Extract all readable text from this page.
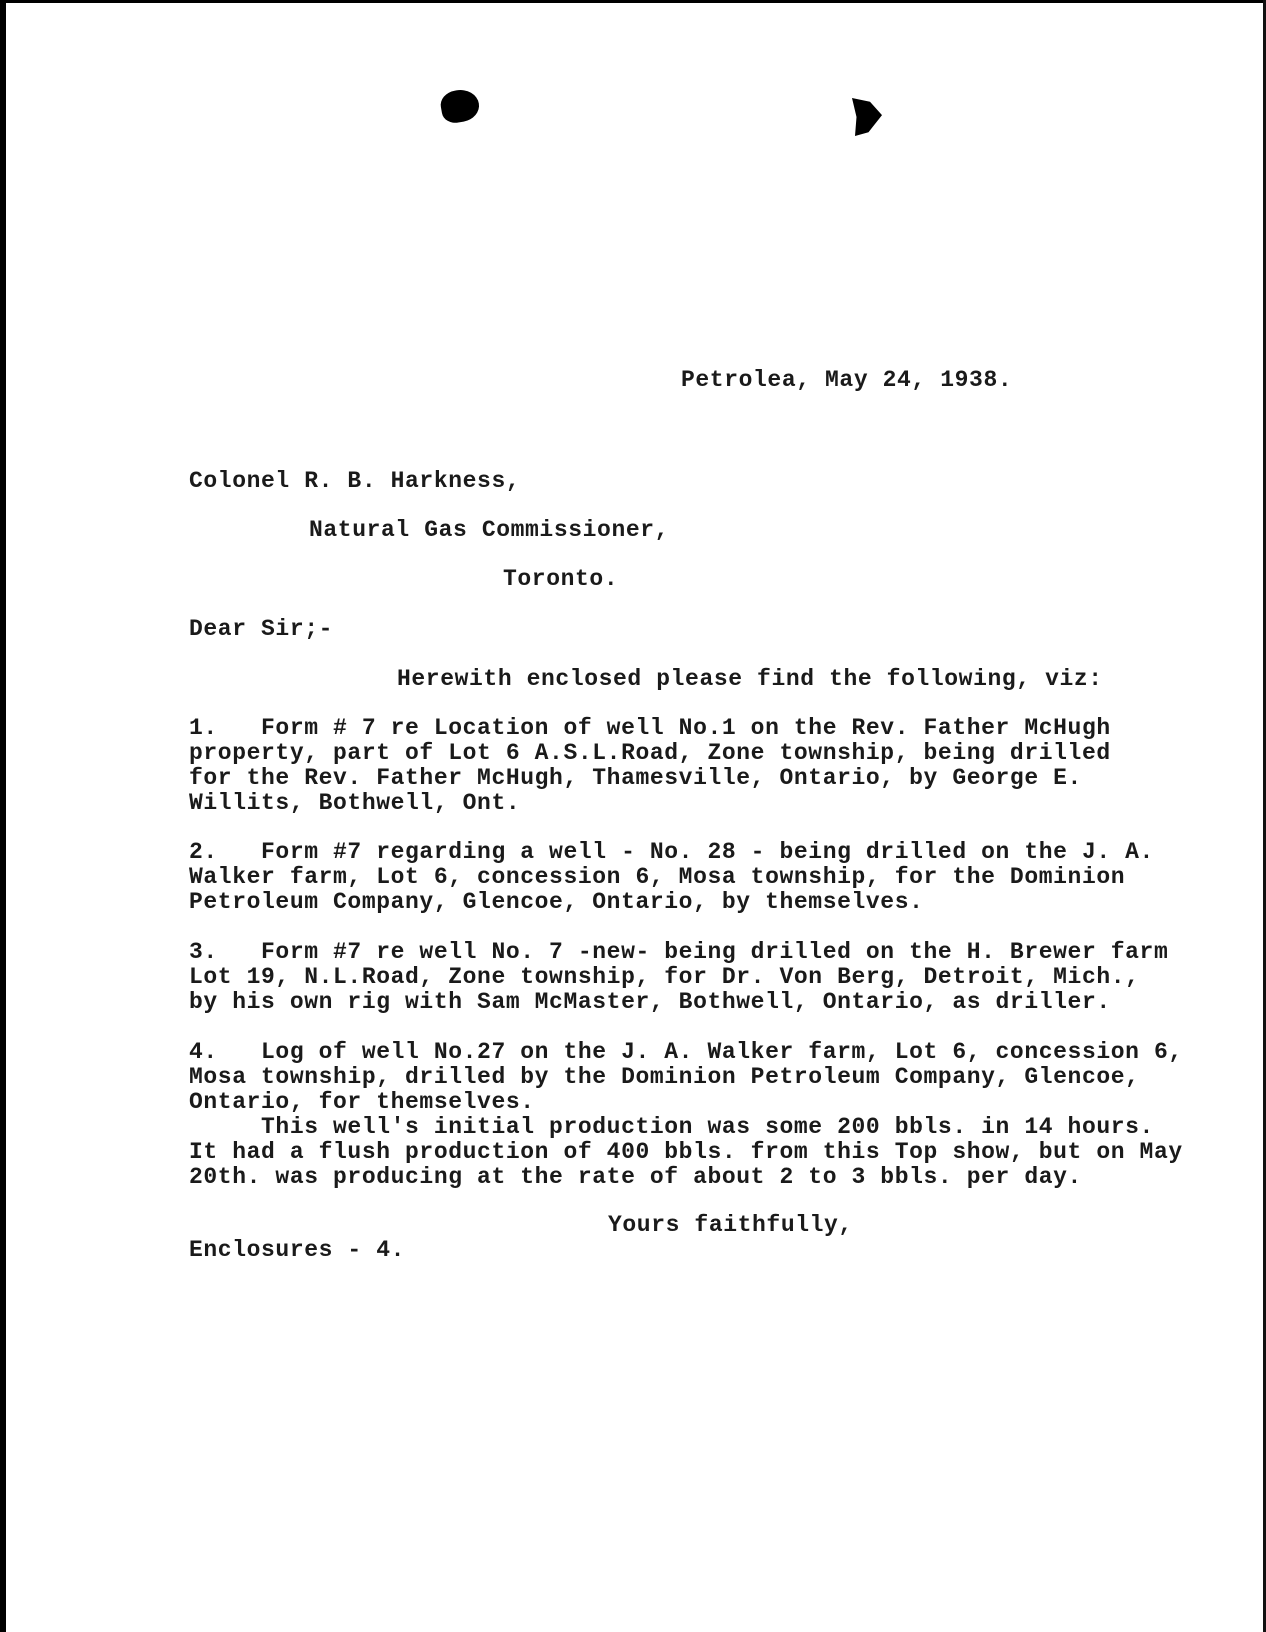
Petrolea, May 24, 1938.
Colonel R. B. Harkness,
Natural Gas Commissioner,
Toronto.
Dear Sir;-
Herewith enclosed please find the following, viz:
1.   Form # 7 re Location of well No.1 on the Rev. Father McHugh
property, part of Lot 6 A.S.L.Road, Zone township, being drilled
for the Rev. Father McHugh, Thamesville, Ontario, by George E.
Willits, Bothwell, Ont.
2.   Form #7 regarding a well - No. 28 - being drilled on the J. A.
Walker farm, Lot 6, concession 6, Mosa township, for the Dominion
Petroleum Company, Glencoe, Ontario, by themselves.
3.   Form #7 re well No. 7 -new- being drilled on the H. Brewer farm
Lot 19, N.L.Road, Zone township, for Dr. Von Berg, Detroit, Mich.,
by his own rig with Sam McMaster, Bothwell, Ontario, as driller.
4.   Log of well No.27 on the J. A. Walker farm, Lot 6, concession 6,
Mosa township, drilled by the Dominion Petroleum Company, Glencoe,
Ontario, for themselves.
This well's initial production was some 200 bbls. in 14 hours.
It had a flush production of 400 bbls. from this Top show, but on May
20th. was producing at the rate of about 2 to 3 bbls. per day.
Yours faithfully,
Enclosures - 4.
